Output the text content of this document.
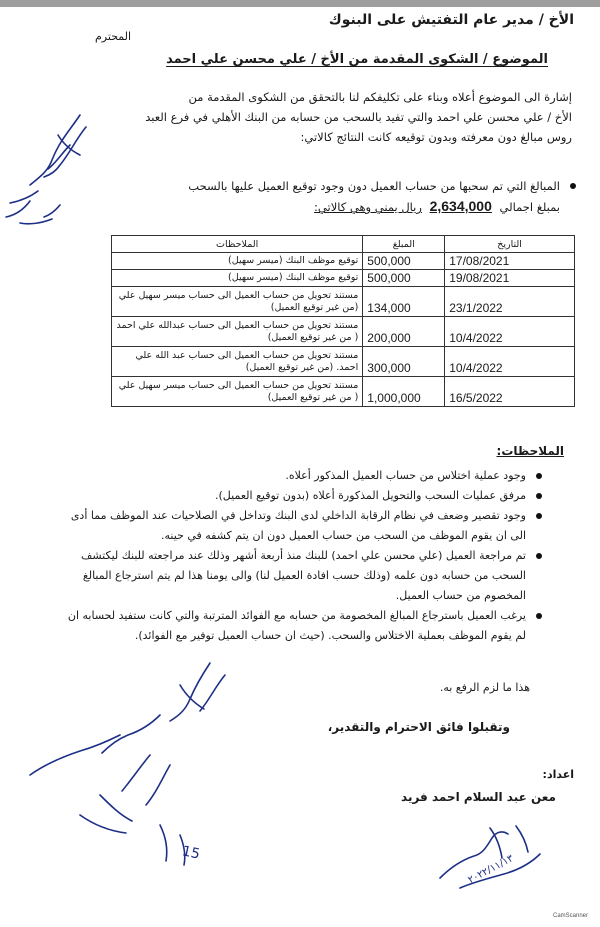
الأخ / مدير عام التفتيش على البنوك
المحترم
الموضوع / الشكوى المقدمة من الأخ / علي محسن علي احمد
إشارة الى الموضوع أعلاه وبناء على تكليفكم لنا بالتحقق من الشكوى المقدمة من
الأخ / علي محسن علي احمد والتي تفيد بالسحب من حسابه من البنك الأهلي في فرع العبد
روس مبالغ دون معرفته وبدون توقيعه كانت النتائج كالاتي:
المبالغ التي تم سحبها من حساب العميل دون وجود توقيع العميل عليها بالسحب
بمبلغ اجمالي 2,634,000 ريال يمني وهي كالاتي:
التاريخ	المبلغ	الملاحظات
17/08/2021	500,000	توقيع موظف البنك (ميسر سهيل)
19/08/2021	500,000	توقيع موظف البنك (ميسر سهيل)
23/1/2022	134,000	مستند تحويل من حساب العميل الى حساب ميسر سهيل علي (من غير توقيع العميل)
10/4/2022	200,000	مستند تحويل من حساب العميل الى حساب عبدالله علي احمد ( من غير توقيع العميل)
10/4/2022	300,000	مستند تحويل من حساب العميل الى حساب عبد الله علي احمد. (من غير توقيع العميل)
16/5/2022	1,000,000	مستند تحويل من حساب العميل الى حساب ميسر سهيل علي ( من غير توقيع العميل)
الملاحظات:
وجود عملية اختلاس من حساب العميل المذكور أعلاه.
مرفق عمليات السحب والتحويل المذكورة أعلاه (بدون توقيع العميل).
وجود تقصير وضعف في نظام الرقابة الداخلي لدى البنك وتداخل في الصلاحيات عند الموظف مما أدى الى ان يقوم الموظف من السحب من حساب العميل دون ان يتم كشفه في حينه.
تم مراجعة العميل (علي محسن علي احمد) للبنك منذ أربعة أشهر وذلك عند مراجعته للبنك ليكتشف السحب من حسابه دون علمه (وذلك حسب افادة العميل لنا) والى يومنا هذا لم يتم استرجاع المبالغ المخصوم من حساب العميل.
يرغب العميل باسترجاع المبالغ المخصومة من حسابه مع الفوائد المترتبة والتي كانت ستفيد لحسابه ان لم يقوم الموظف بعملية الاختلاس والسحب. (حيث ان حساب العميل توفير مع الفوائد).
هذا ما لزم الرفع به.
وتقبلوا فائق الاحترام والتقدير،
اعداد:
معن عبد السلام احمد فريد
15	٢٠٢٢/١١/١٣
CamScanner
